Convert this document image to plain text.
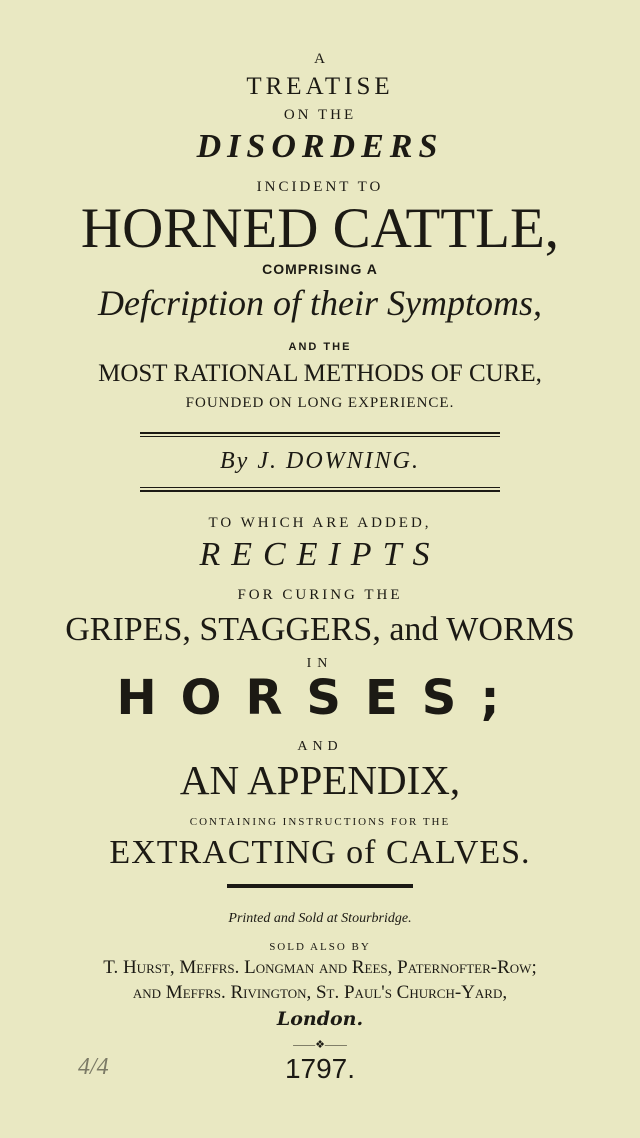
A
TREATISE
ON THE
DISORDERS
INCIDENT TO
HORNED CATTLE,
COMPRISING A
Defcription of their Symptoms,
AND THE
MOST RATIONAL METHODS OF CURE,
FOUNDED ON LONG EXPERIENCE.
By J. DOWNING.
TO WHICH ARE ADDED,
RECEIPTS
FOR CURING THE
GRIPES, STAGGERS, and WORMS
IN
HORSES;
AND
AN APPENDIX,
CONTAINING INSTRUCTIONS FOR THE
EXTRACTING of CALVES.
Printed and Sold at Stourbridge.
SOLD ALSO BY
T. Hurst, Meffrs. Longman and Rees, Paternofter-Row;
and Meffrs. Rivington, St. Paul's Church-Yard,
London.
——❖——
4/4	1797.
